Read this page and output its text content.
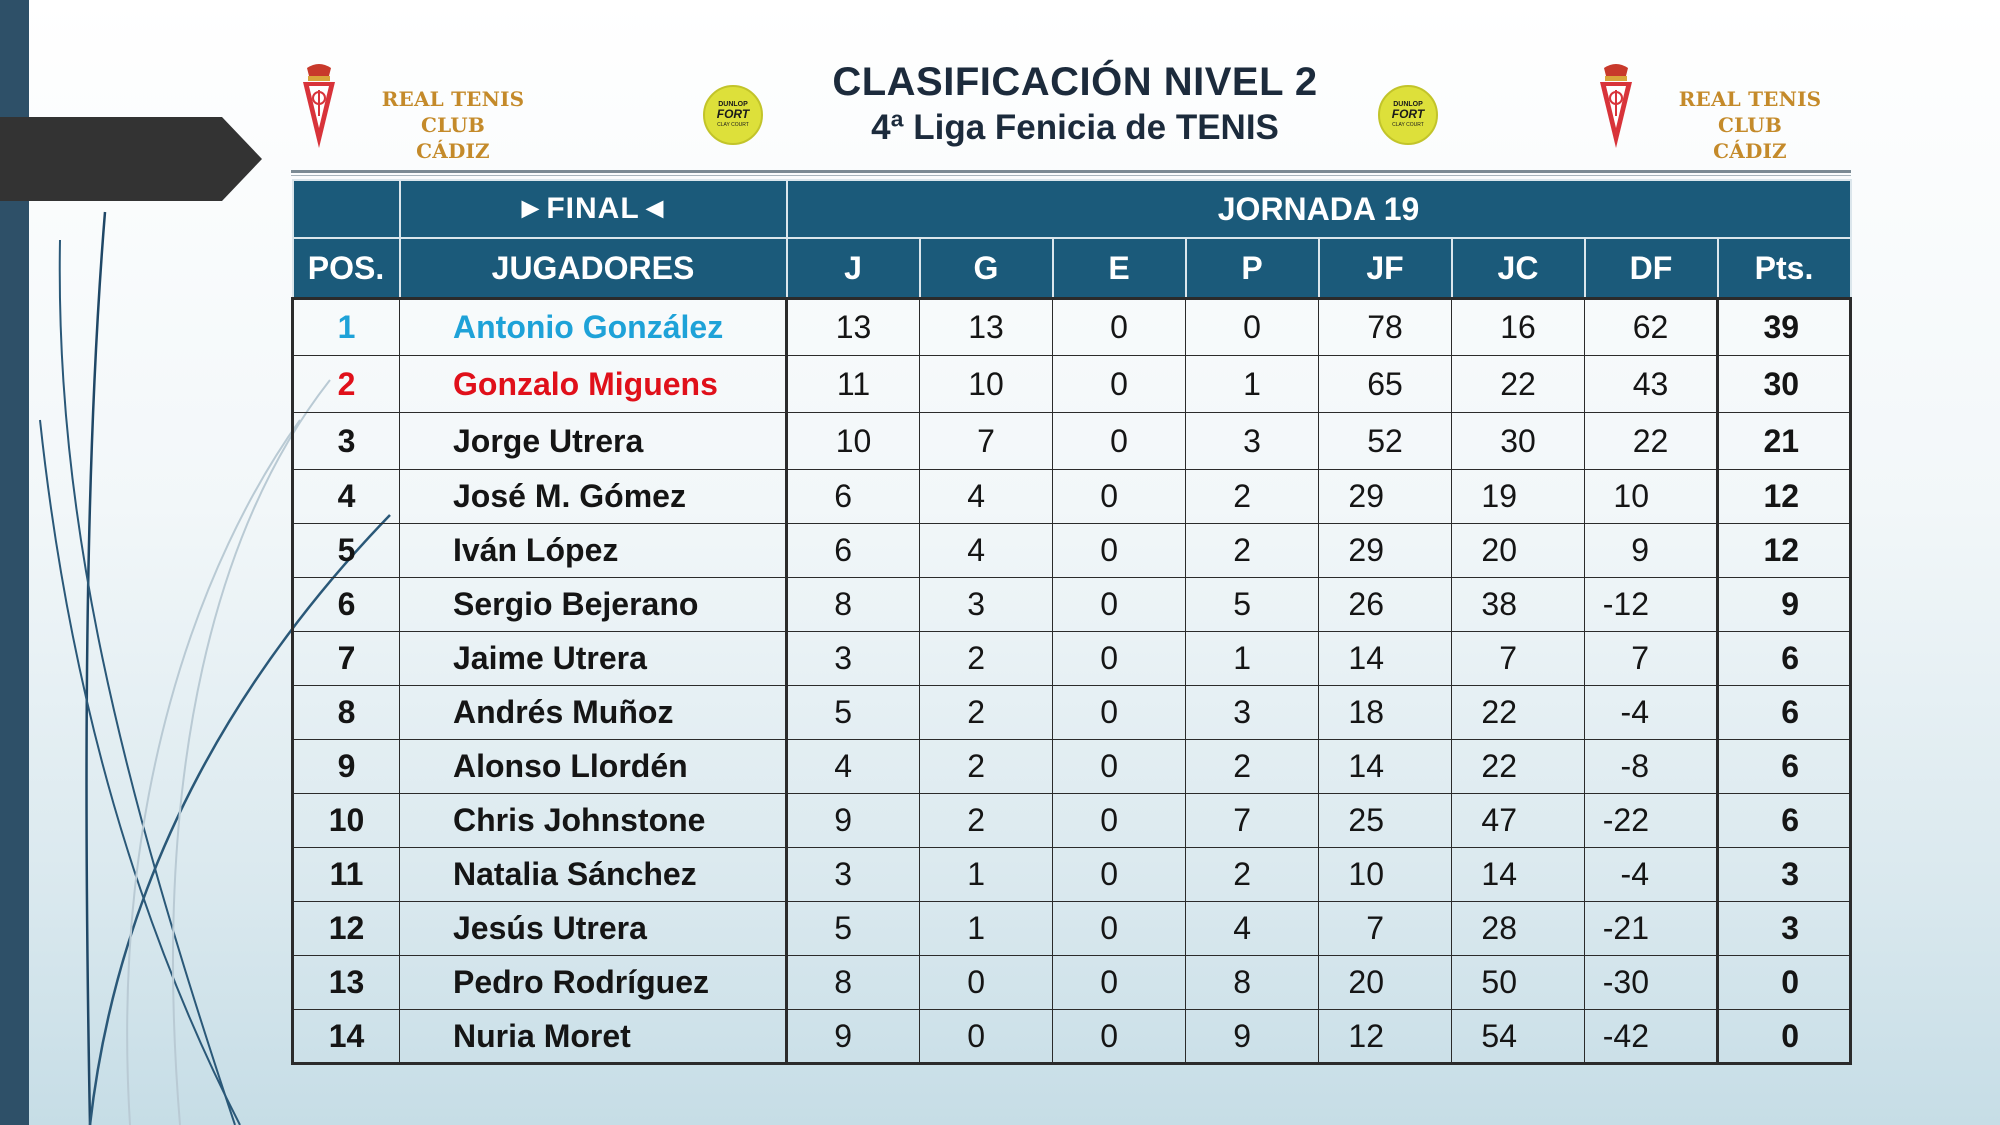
REAL TENIS CLUB
CÁDIZ
DUNLOP
FORT
CLAY COURT
CLASIFICACIÓN NIVEL 2
4ª Liga Fenicia de TENIS
DUNLOP
FORT
CLAY COURT
REAL TENIS CLUB
CÁDIZ
	►FINAL◄	JORNADA 19							
POS.	JUGADORES	J	G	E	P	JF	JC	DF	Pts.
1	Antonio González	13	13	0	0	78	16	62	39
2	Gonzalo Miguens	11	10	0	1	65	22	43	30
3	Jorge Utrera	10	7	0	3	52	30	22	21
4	José M. Gómez	6	4	0	2	29	19	10	12
5	Iván López	6	4	0	2	29	20	9	12
6	Sergio Bejerano	8	3	0	5	26	38	-12	9
7	Jaime Utrera	3	2	0	1	14	7	7	6
8	Andrés Muñoz	5	2	0	3	18	22	-4	6
9	Alonso Llordén	4	2	0	2	14	22	-8	6
10	Chris Johnstone	9	2	0	7	25	47	-22	6
11	Natalia Sánchez	3	1	0	2	10	14	-4	3
12	Jesús Utrera	5	1	0	4	7	28	-21	3
13	Pedro Rodríguez	8	0	0	8	20	50	-30	0
14	Nuria Moret	9	0	0	9	12	54	-42	0
